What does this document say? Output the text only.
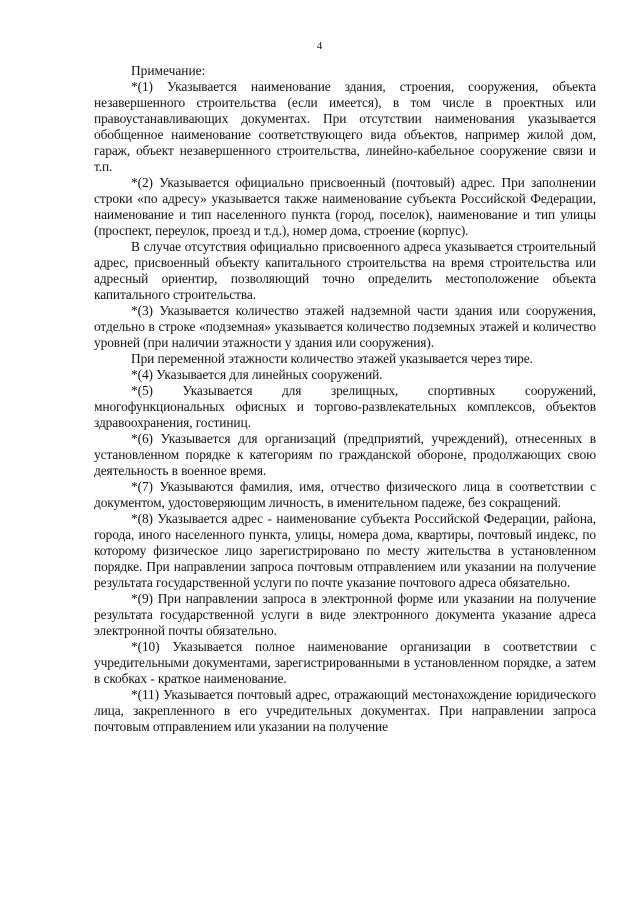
4

Примечание:

*(1) Указывается наименование здания, строения, сооружения, объекта незавершенного строительства (если имеется), в том числе в проектных или правоустанавливающих документах. При отсутствии наименования указывается обобщенное наименование соответствующего вида объектов, например жилой дом, гараж, объект незавершенного строительства, линейно-кабельное сооружение связи и т.п.

*(2) Указывается официально присвоенный (почтовый) адрес. При заполнении строки «по адресу» указывается также наименование субъекта Российской Федерации, наименование и тип населенного пункта (город, поселок), наименование и тип улицы (проспект, переулок, проезд и т.д.), номер дома, строение (корпус).

В случае отсутствия официально присвоенного адреса указывается строительный адрес, присвоенный объекту капитального строительства на время строительства или адресный ориентир, позволяющий точно определить местоположение объекта капитального строительства.

*(3) Указывается количество этажей надземной части здания или сооружения, отдельно в строке «подземная» указывается количество подземных этажей и количество уровней (при наличии этажности у здания или сооружения).

При переменной этажности количество этажей указывается через тире.

*(4) Указывается для линейных сооружений.

*(5) Указывается для зрелищных, спортивных сооружений, многофункциональных офисных и торгово-развлекательных комплексов, объектов здравоохранения, гостиниц.

*(6) Указывается для организаций (предприятий, учреждений), отнесенных в установленном порядке к категориям по гражданской обороне, продолжающих свою деятельность в военное время.

*(7) Указываются фамилия, имя, отчество физического лица в соответствии с документом, удостоверяющим личность, в именительном падеже, без сокращений.

*(8) Указывается адрес - наименование субъекта Российской Федерации, района, города, иного населенного пункта, улицы, номера дома, квартиры, почтовый индекс, по которому физическое лицо зарегистрировано по месту жительства в установленном порядке. При направлении запроса почтовым отправлением или указании на получение результата государственной услуги по почте указание почтового адреса обязательно.

*(9) При направлении запроса в электронной форме или указании на получение результата государственной услуги в виде электронного документа указание адреса электронной почты обязательно.

*(10) Указывается полное наименование организации в соответствии с учредительными документами, зарегистрированными в установленном порядке, а затем в скобках - краткое наименование.

*(11) Указывается почтовый адрес, отражающий местонахождение юридического лица, закрепленного в его учредительных документах. При направлении запроса почтовым отправлением или указании на получение
